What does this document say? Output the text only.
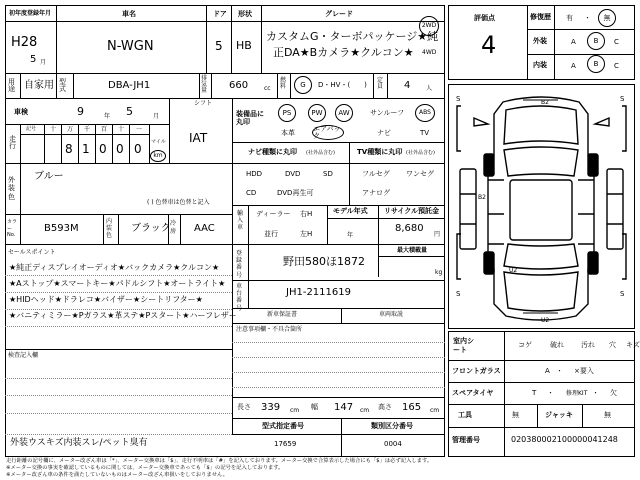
初年度登録年月
H28
5 月
車名
N-WGN
ドア
5
形状
HB
グレード
カスタムG・ターボパッケージ★純
正DA★Bカメラ★クルコン★
2WD
4WD
用途 自家用 型式	DBA-JH1
排気量 660	cc
燃料 G D・HV・(　　)
定員 4	人
車検	9	年 5	月
シフト
IAT
走行
記号 十 万 千 百 十 一
8 1 0 0 0 マイル
km
外装色
ブルー
( ) 色替車は色替と記入
カラーNo.
B593M
内装色
ブラック 冷房 AAC
セールスポイント
★純正ディスプレイオーディオ★バックカメラ★クルコン★
★Aストップ★スマートキー★パドルシフト★オートライト★
★HIDヘッド★ドラレコ★バイザー★シートリフター★
★バニティミラー★Pガラス★革ステ★Pスタート★ハーフレザー
検査記入欄
外装ウスキズ内装スレ/ペット臭有
装備品に丸印
PS	PW AW	サンルーフ ABS
本革
エアバック	ナビ	TV
ナビ種類に丸印 (社外品含む)
HDD	DVD	SD
CD	DVD再生可
TV種類に丸印 (社外品含む)
フルセグ ワンセグ
アナログ
輸入車
ディーラー
並行
右H
左H
モデル年式
年
リサイクル預託金
8,680
円
最大積載量
kg
登録番号
野田580ほ1872
車台番号
JH1-2111619
新車保証書	車両取説
注意事項欄・不具合箇所
長さ 339 cm 幅 147 cm 高さ 165 cm
型式指定番号
17659
類別区分番号
0004
評価点
4
修復歴 有 ・ 無
外装	A	B C
内装	A	B C
S	S
S	S
B2
B2
U2
U2
室内シート
コゲ	破れ 汚れ 穴 キズ
フロントガラス	A ・ ×要入
スペアタイヤ	T ・ 修理KIT ・ 欠
工具	無	ジャッキ	無
管理番号	020380002100000041248
走行距離の記号欄に、メーター改ざん車は「*」、メーター交換車は「$」、走行不明車は「#」を記入しております。メーター交換で合算表示した場合にも「$」は必ず記入します。
※メーター交換の事実を確認しているものに関しては、メーター交換車であっても「$」の記号を記入しております。
※メーター改ざん車の条件を満たしていないものはメーター改ざん車扱いをしておりません。
